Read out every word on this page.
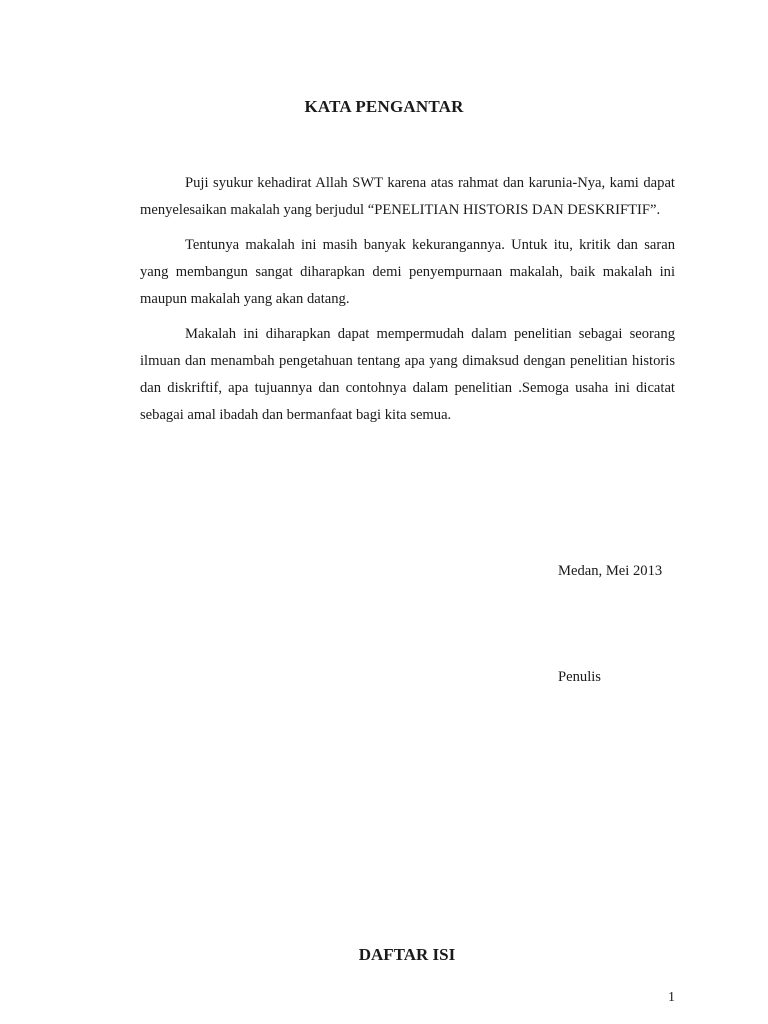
KATA PENGANTAR

Puji syukur kehadirat Allah SWT karena atas rahmat dan karunia-Nya, kami dapat menyelesaikan makalah yang berjudul “PENELITIAN HISTORIS DAN DESKRIFTIF”.

Tentunya makalah ini masih banyak kekurangannya. Untuk itu, kritik dan saran yang membangun sangat diharapkan demi penyempurnaan makalah, baik makalah ini maupun makalah yang akan datang.

Makalah ini diharapkan dapat mempermudah dalam penelitian sebagai seorang ilmuan dan menambah pengetahuan tentang apa yang dimaksud dengan penelitian historis dan diskriftif, apa tujuannya dan contohnya dalam penelitian .Semoga usaha ini dicatat sebagai amal ibadah dan bermanfaat bagi kita semua.

Medan, Mei 2013
Penulis
DAFTAR ISI
1
